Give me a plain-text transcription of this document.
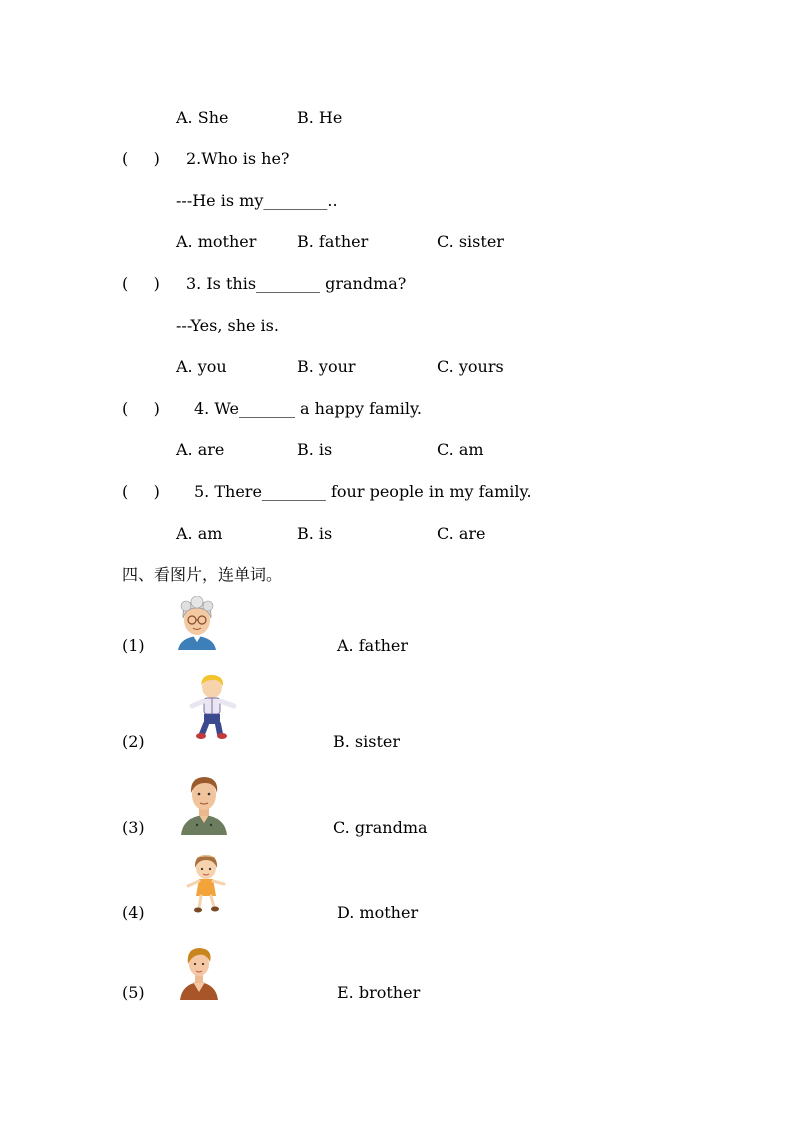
A. She	B. He
(     ) 2.Who is he?
---He is my________..
A. mother	B. father	C. sister
(     ) 3. Is this________ grandma?
---Yes, she is.
A. you	B. your	C. yours
(     ) 4. We_______ a happy family.
A. are	B. is	C. am
(     ) 5. There________ four people in my family.
A. am	B. is	C. are
四、看图片，连单词。
(1)	A. father
(2)	B. sister
(3)	C. grandma
(4)	D. mother
(5)	E. brother
